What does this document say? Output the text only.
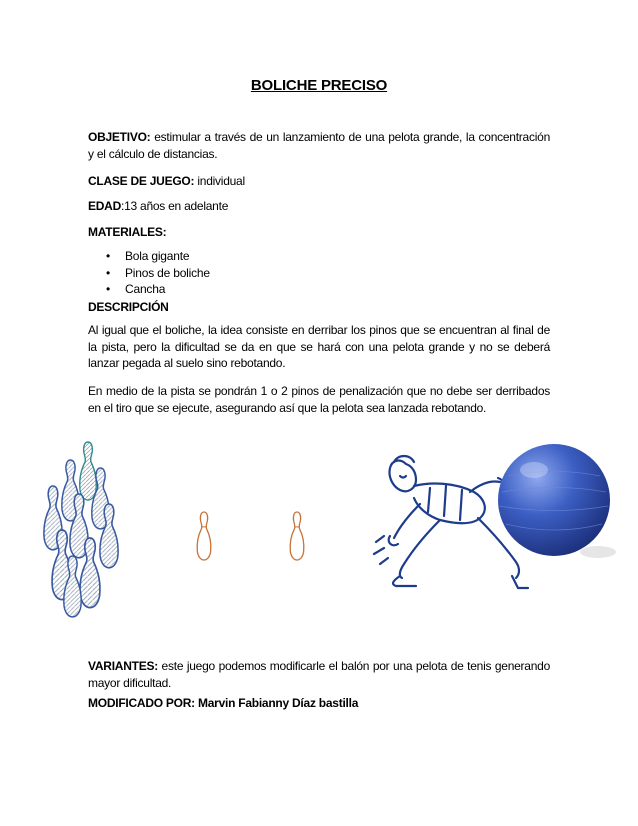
BOLICHE PRECISO
OBJETIVO: estimular a través de un lanzamiento de una pelota grande, la concentración y el cálculo de distancias.
CLASE DE JUEGO: individual
EDAD:13 años en adelante
MATERIALES:
• Bola gigante
• Pinos de boliche
• Cancha
DESCRIPCIÓN
Al igual que el boliche, la idea consiste en derribar los pinos que se encuentran al final de la pista, pero la dificultad se da en que se hará con una pelota grande y no se deberá lanzar pegada al suelo sino rebotando.
En medio de la pista se pondrán 1 o 2 pinos de penalización que no debe ser derribados en el tiro que se ejecute, asegurando así que la pelota sea lanzada rebotando.
VARIANTES: este juego podemos modificarle el balón por una pelota de tenis generando mayor dificultad.
MODIFICADO POR: Marvin Fabianny Díaz bastilla
